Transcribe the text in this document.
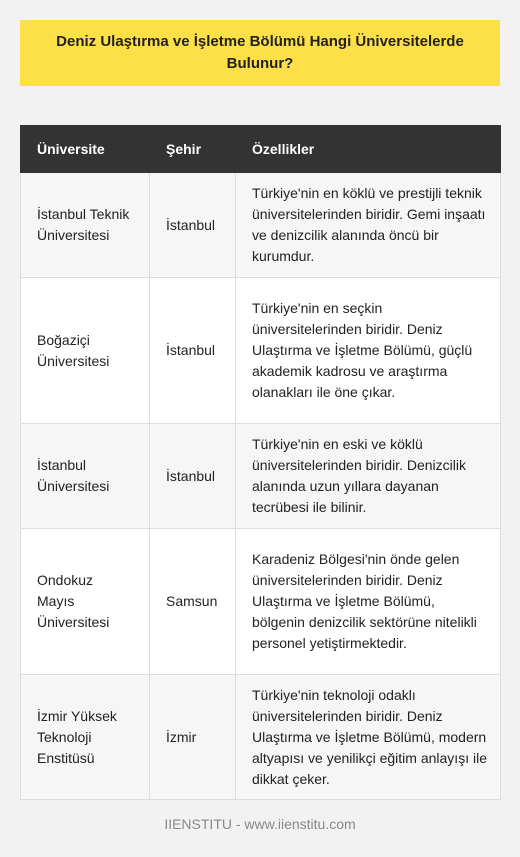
Deniz Ulaştırma ve İşletme Bölümü Hangi Üniversitelerde Bulunur?
Üniversite	Şehir	Özellikler
İstanbul Teknik Üniversitesi	İstanbul	Türkiye'nin en köklü ve prestijli teknik üniversitelerinden biridir. Gemi inşaatı ve denizcilik alanında öncü bir kurumdur.
Boğaziçi Üniversitesi	İstanbul	Türkiye'nin en seçkin üniversitelerinden biridir. Deniz Ulaştırma ve İşletme Bölümü, güçlü akademik kadrosu ve araştırma olanakları ile öne çıkar.
İstanbul Üniversitesi	İstanbul	Türkiye'nin en eski ve köklü üniversitelerinden biridir. Denizcilik alanında uzun yıllara dayanan tecrübesi ile bilinir.
Ondokuz Mayıs Üniversitesi	Samsun	Karadeniz Bölgesi'nin önde gelen üniversitelerinden biridir. Deniz Ulaştırma ve İşletme Bölümü, bölgenin denizcilik sektörüne nitelikli personel yetiştirmektedir.
İzmir Yüksek Teknoloji Enstitüsü	İzmir	Türkiye'nin teknoloji odaklı üniversitelerinden biridir. Deniz Ulaştırma ve İşletme Bölümü, modern altyapısı ve yenilikçi eğitim anlayışı ile dikkat çeker.
IIENSTITU - www.iienstitu.com
